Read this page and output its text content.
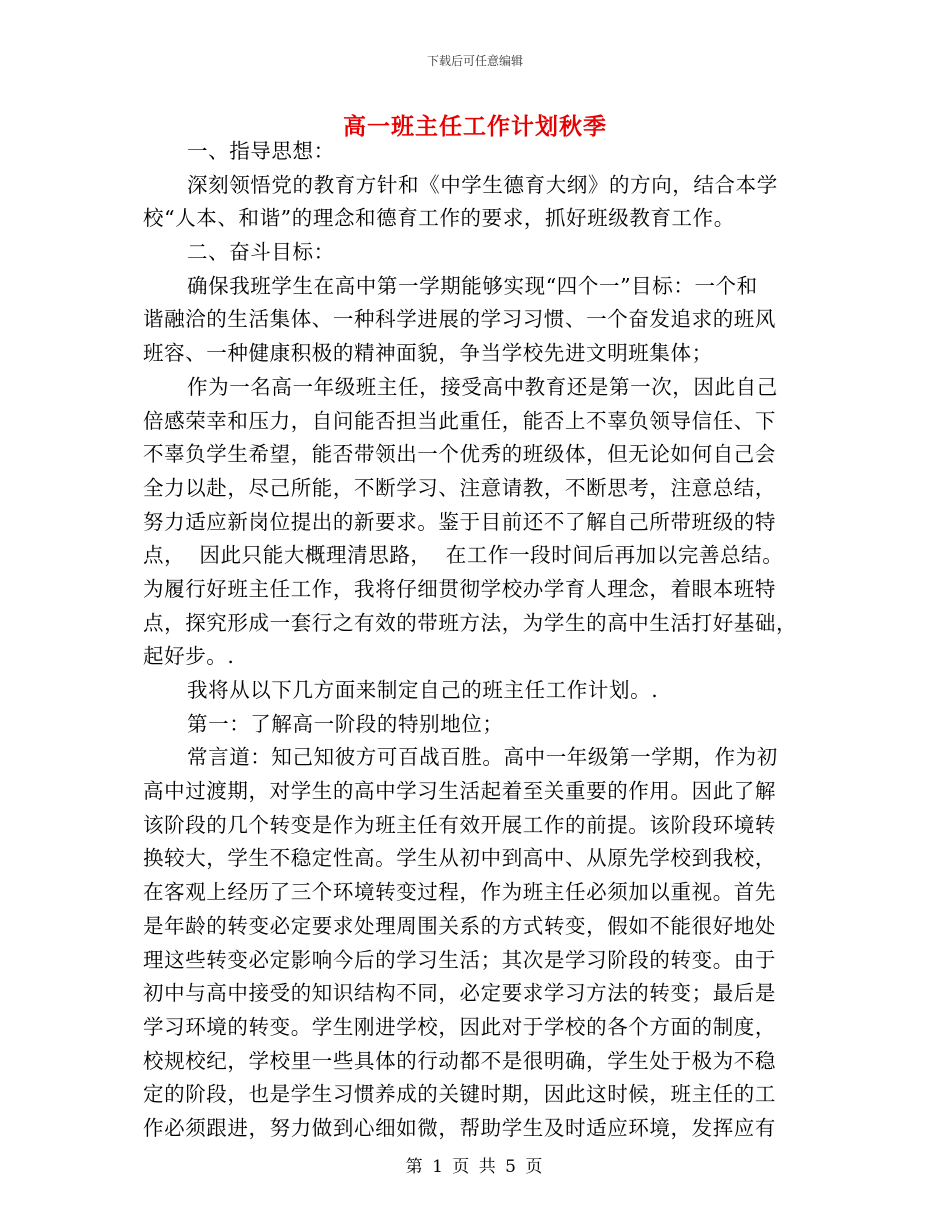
下载后可任意编辑
高一班主任工作计划秋季
一、指导思想：
深刻领悟党的教育方针和《中学生德育大纲》的方向，结合本学
校“人本、和谐”的理念和德育工作的要求，抓好班级教育工作。
二、奋斗目标：
确保我班学生在高中第一学期能够实现“四个一”目标：一个和
谐融洽的生活集体、一种科学进展的学习习惯、一个奋发追求的班风
班容、一种健康积极的精神面貌，争当学校先进文明班集体；
作为一名高一年级班主任，接受高中教育还是第一次，因此自己
倍感荣幸和压力，自问能否担当此重任，能否上不辜负领导信任、下
不辜负学生希望，能否带领出一个优秀的班级体，但无论如何自己会
全力以赴，尽己所能，不断学习、注意请教，不断思考，注意总结，
努力适应新岗位提出的新要求。鉴于目前还不了解自己所带班级的特
点，  因此只能大概理清思路，  在工作一段时间后再加以完善总结。
为履行好班主任工作，我将仔细贯彻学校办学育人理念，着眼本班特
点，探究形成一套行之有效的带班方法，为学生的高中生活打好基础，
起好步。.
我将从以下几方面来制定自己的班主任工作计划。.
第一：了解高一阶段的特别地位；
常言道：知己知彼方可百战百胜。高中一年级第一学期，作为初
高中过渡期，对学生的高中学习生活起着至关重要的作用。因此了解
该阶段的几个转变是作为班主任有效开展工作的前提。该阶段环境转
换较大，学生不稳定性高。学生从初中到高中、从原先学校到我校，
在客观上经历了三个环境转变过程，作为班主任必须加以重视。首先
是年龄的转变必定要求处理周围关系的方式转变，假如不能很好地处
理这些转变必定影响今后的学习生活；其次是学习阶段的转变。由于
初中与高中接受的知识结构不同，必定要求学习方法的转变；最后是
学习环境的转变。学生刚进学校，因此对于学校的各个方面的制度，
校规校纪，学校里一些具体的行动都不是很明确，学生处于极为不稳
定的阶段，也是学生习惯养成的关键时期，因此这时候，班主任的工
作必须跟进，努力做到心细如微，帮助学生及时适应环境，发挥应有
第 1 页 共 5 页
